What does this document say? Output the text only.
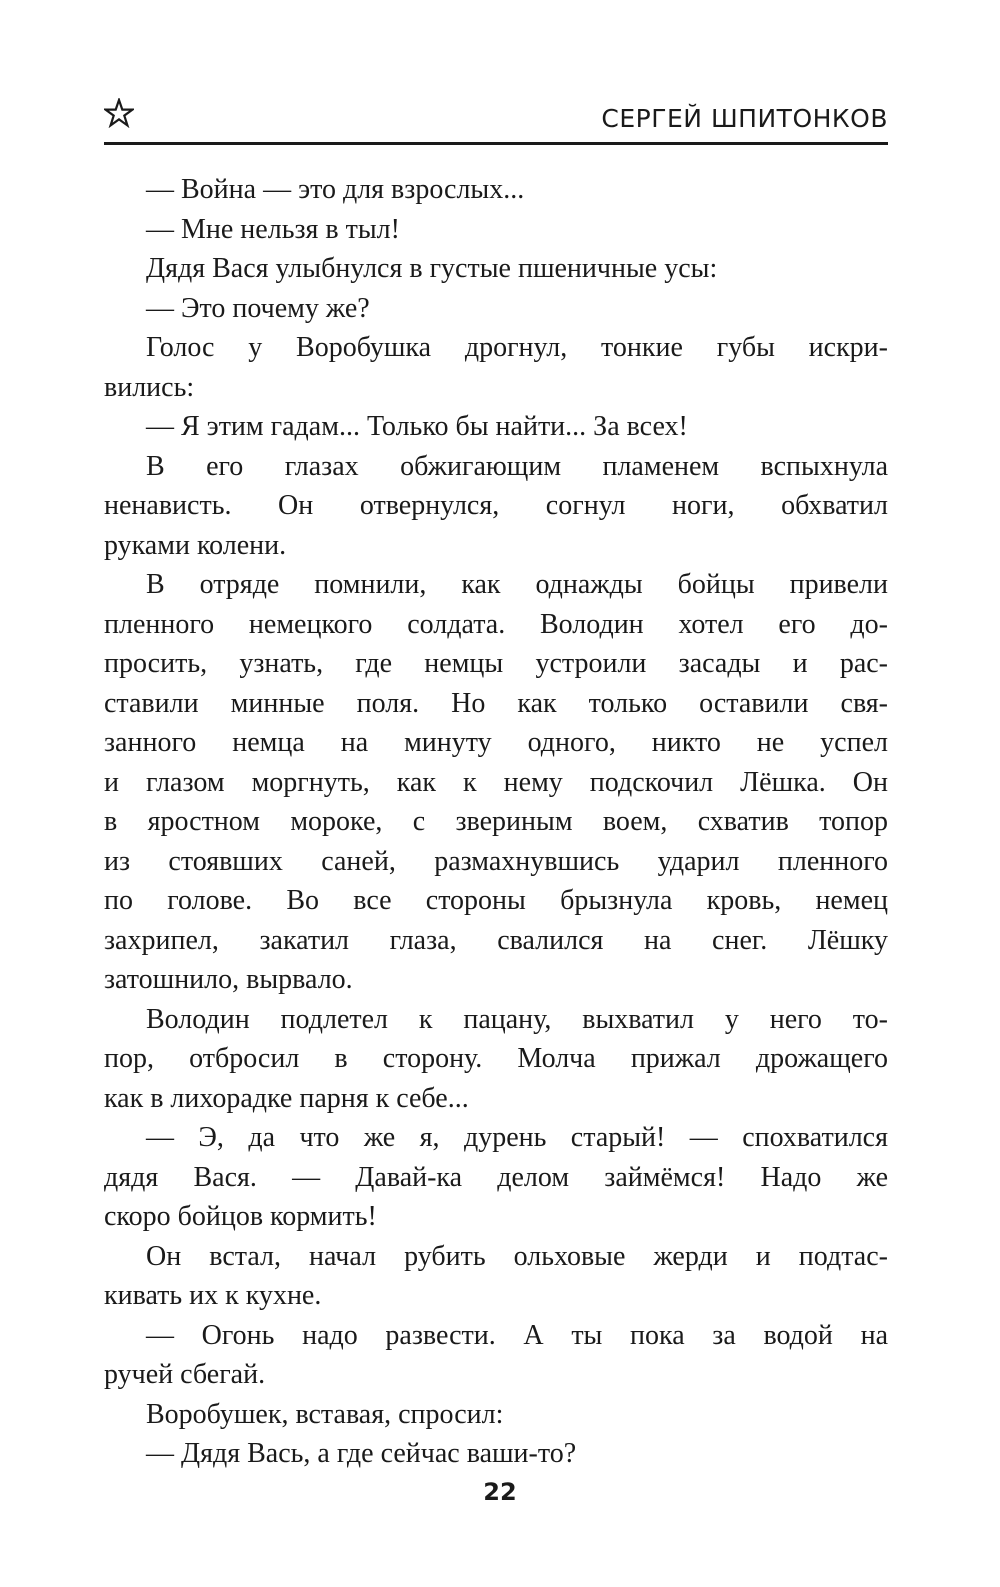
СЕРГЕЙ ШПИТОНКОВ
— Война — это для взрослых...
— Мне нельзя в тыл!
Дядя Вася улыбнулся в густые пшеничные усы:
— Это почему же?
Голос у Воробушка дрогнул, тонкие губы искри-
вились:
— Я этим гадам... Только бы найти... За всех!
В его глазах обжигающим пламенем вспыхнула
ненависть. Он отвернулся, согнул ноги, обхватил
руками колени.
В отряде помнили, как однажды бойцы привели
пленного немецкого солдата. Володин хотел его до-
просить, узнать, где немцы устроили засады и рас-
ставили минные поля. Но как только оставили свя-
занного немца на минуту одного, никто не успел
и глазом моргнуть, как к нему подскочил Лёшка. Он
в яростном мороке, с звериным воем, схватив топор
из стоявших саней, размахнувшись ударил пленного
по голове. Во все стороны брызнула кровь, немец
захрипел, закатил глаза, свалился на снег. Лёшку
затошнило, вырвало.
Володин подлетел к пацану, выхватил у него то-
пор, отбросил в сторону. Молча прижал дрожащего
как в лихорадке парня к себе...
— Э, да что же я, дурень старый! — спохватился
дядя Вася. — Давай-ка делом займёмся! Надо же
скоро бойцов кормить!
Он встал, начал рубить ольховые жерди и подтас-
кивать их к кухне.
— Огонь надо развести. А ты пока за водой на
ручей сбегай.
Воробушек, вставая, спросил:
— Дядя Вась, а где сейчас ваши-то?
22
